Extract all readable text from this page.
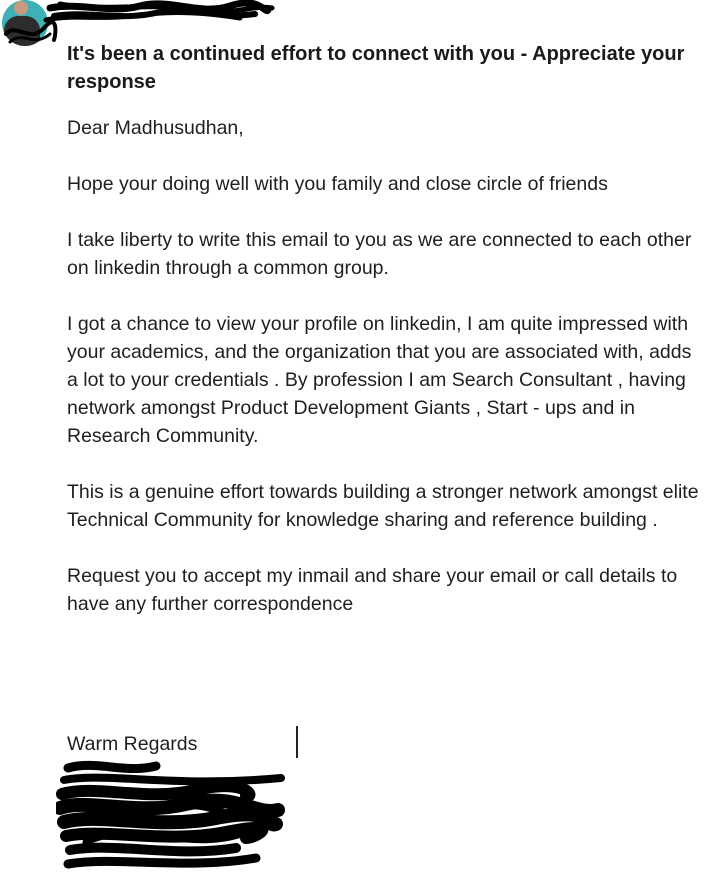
It's been a continued effort to connect with you - Appreciate your response

Dear Madhusudhan,

Hope your doing well with you family and close circle of friends

I take liberty to write this email to you as we are connected to each other on linkedin through a common group.

I got a chance to view your profile on linkedin, I am quite impressed with your academics, and the organization that you are associated with, adds a lot to your credentials . By profession I am Search Consultant , having network amongst Product Development Giants , Start - ups and in Research Community.

This is a genuine effort towards building a stronger network amongst elite Technical Community for knowledge sharing and reference building .

Request you to accept my inmail and share your email or call details to have any further correspondence

Warm Regards
